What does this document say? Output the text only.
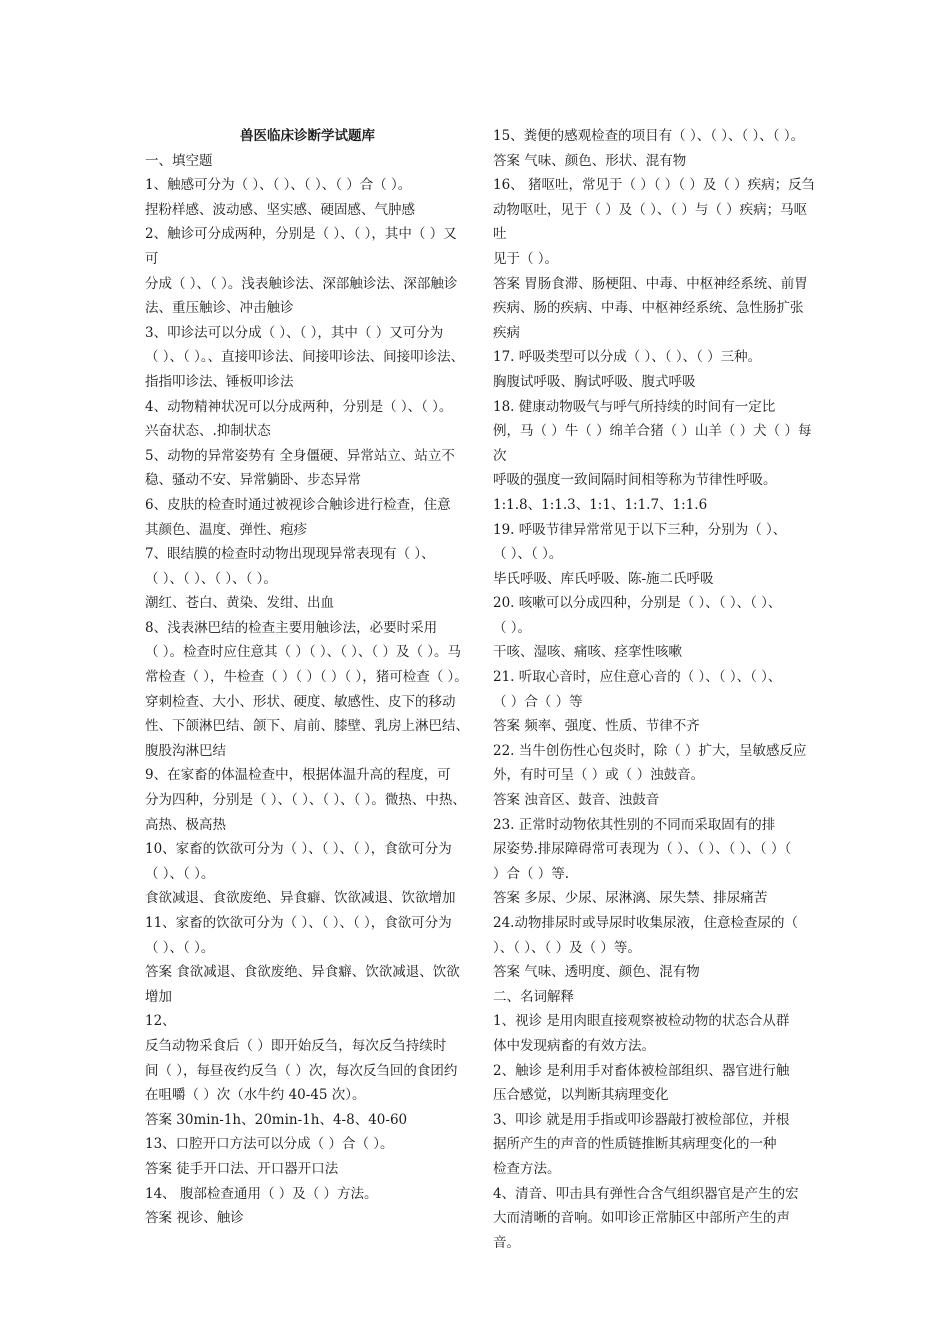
兽医临床诊断学试题库
一、填空题
1、触感可分为（ ）、（ ）、（ ）、（ ）合（ ）。
捏粉样感、波动感、坚实感、硬固感、气肿感
2、触诊可分成两种，分别是（ ）、（ ），其中（ ）又可
分成（ ）、（ ）。浅表触诊法、深部触诊法、深部触诊
法、重压触诊、冲击触诊
3、叩诊法可以分成（ ）、（ ），其中（ ）又可分为
（ ）、（ ）。、直接叩诊法、间接叩诊法、间接叩诊法、
指指叩诊法、锤板叩诊法
4、动物精神状况可以分成两种，分别是（ ）、（ ）。
兴奋状态、.抑制状态
5、动物的异常姿势有 全身僵硬、异常站立、站立不
稳、骚动不安、异常躺卧、步态异常
6、皮肤的检查时通过被视诊合触诊进行检查，住意
其颜色、温度、弹性、疱疹
7、眼结膜的检查时动物出现现异常表现有（ ）、
（ ）、（ ）、（ ）、（ ）。
潮红、苍白、黄染、发绀、出血
8、浅表淋巴结的检查主要用触诊法，必要时采用
（ ）。检查时应住意其（ ）（ ）、（ ）、（ ）及（ ）。马
常检查（ ），牛检查（ ）（ ）（ ）（ ），猪可检查（ ）。
穿刺检查、大小、形状、硬度、敏感性、皮下的移动
性、下颌淋巴结、颌下、肩前、膝壁、乳房上淋巴结、
腹股沟淋巴结
9、在家畜的体温检查中，根据体温升高的程度，可
分为四种，分别是（ ）、（ ）、（ ）、（ ）。微热、中热、
高热、极高热
10、家畜的饮欲可分为（ ）、（ ）、（ ），食欲可分为
（ ）、（ ）。
食欲减退、食欲废绝、异食癖、饮欲减退、饮欲增加
11、家畜的饮欲可分为（ ）、（ ）、（ ），食欲可分为
（ ）、（ ）。
答案 食欲减退、食欲废绝、异食癖、饮欲减退、饮欲
增加
12、
反刍动物采食后（ ）即开始反刍，每次反刍持续时
间（ ），每昼夜约反刍（ ）次，每次反刍回的食团约
在咀嚼（ ）次（水牛约 40-45 次）。
答案 30min-1h、20min-1h、4-8、40-60
13、口腔开口方法可以分成（ ）合（ ）。
答案 徒手开口法、开口器开口法
14、 腹部检查通用（ ）及（ ）方法。
答案 视诊、触诊
15、粪便的感观检查的项目有（ ）、（ ）、（ ）、（ ）。
答案 气味、颜色、形状、混有物
16、 猪呕吐，常见于（ ）（ ）（ ）及（ ）疾病；反刍
动物呕吐，见于（ ）及（ ）、（ ）与（ ）疾病；马呕吐
见于（ ）。
答案 胃肠食滞、肠梗阻、中毒、中枢神经系统、前胃
疾病、肠的疾病、中毒、中枢神经系统、急性肠扩张
疾病
17. 呼吸类型可以分成（ ）、（ ）、（ ）三种。
胸腹试呼吸、胸试呼吸、腹式呼吸
18. 健康动物吸气与呼气所持续的时间有一定比
例，马（ ）牛（ ）绵羊合猪（ ）山羊（ ）犬（ ）每次
呼吸的强度一致间隔时间相等称为节律性呼吸。
1:1.8、1:1.3、1:1、1:1.7、1:1.6
19. 呼吸节律异常常见于以下三种，分别为（ ）、
（ ）、（ ）。
毕氏呼吸、库氏呼吸、陈-施二氏呼吸
20. 咳嗽可以分成四种，分别是（ ）、（ ）、（ ）、
（ ）。
干咳、湿咳、痛咳、痉挛性咳嗽
21. 听取心音时，应住意心音的（ ）、（ ）、（ ）、
（ ）合（ ）等
答案 频率、强度、性质、节律不齐
22. 当牛创伤性心包炎时，除（ ）扩大，呈敏感反应
外，有时可呈（ ）或（ ）浊鼓音。
答案 浊音区、鼓音、浊鼓音
23. 正常时动物依其性别的不同而采取固有的排
尿姿势.排尿障碍常可表现为（ ）、（ ）、（ ）、（ ）（
）合（ ）等.
答案 多尿、少尿、尿淋漓、尿失禁、排尿痛苦
24.动物排尿时或导尿时收集尿液，住意检查尿的（
）、（ ）、（ ）及（ ）等。
答案 气味、透明度、颜色、混有物
二、名词解释
1、视诊 是用肉眼直接观察被检动物的状态合从群
体中发现病畜的有效方法。
2、触诊 是利用手对畜体被检部组织、器官进行触
压合感觉，以判断其病理变化
3、叩诊 就是用手指或叩诊器敲打被检部位，并根
据所产生的声音的性质链推断其病理变化的一种
检查方法。
4、清音、叩击具有弹性合含气组织器官是产生的宏
大而清晰的音响。如叩诊正常肺区中部所产生的声
音。
